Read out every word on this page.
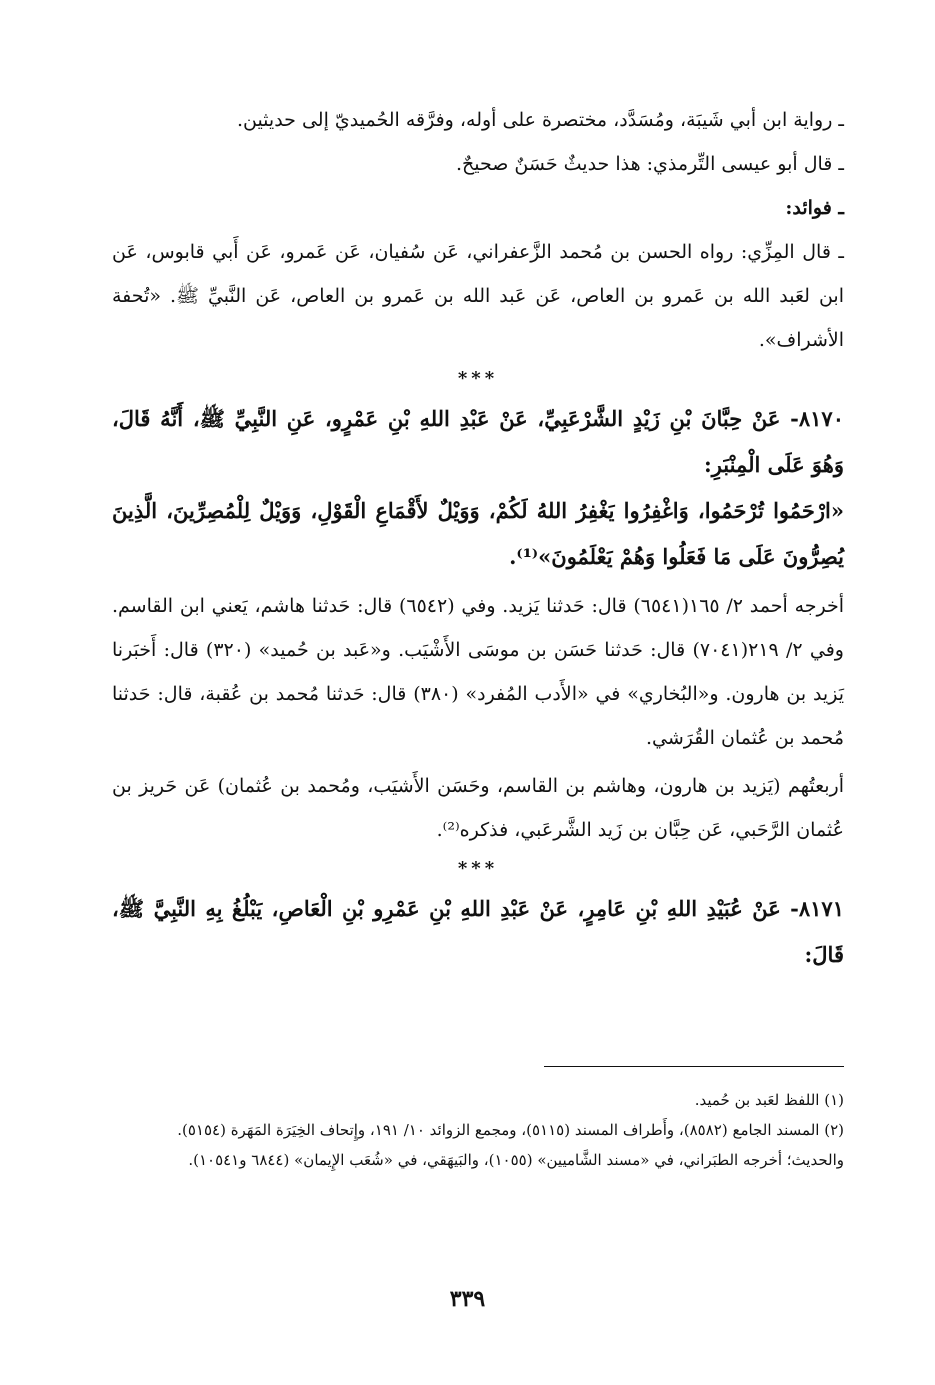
ـ رواية ابن أبي شَيبَة، ومُسَدَّد، مختصرة على أوله، وفرَّقه الحُميديّ إلى حديثين.

ـ قال أبو عيسى التِّرمذي: هذا حديثٌ حَسَنٌ صحيحٌ.

ـ فوائد:

ـ قال المِزِّي: رواه الحسن بن مُحمد الزَّعفراني، عَن سُفيان، عَن عَمرو، عَن أَبي قابوس، عَن ابن لعَبد الله بن عَمرو بن العاص، عَن عَبد الله بن عَمرو بن العاص، عَن النَّبيِّ ﷺ. «تُحفة الأشراف».

***

٨١٧٠- عَنْ حِبَّانَ بْنِ زَيْدٍ الشَّرْعَبِيِّ، عَنْ عَبْدِ اللهِ بْنِ عَمْرٍو، عَنِ النَّبِيِّ ﷺ، أَنَّهُ قَالَ، وَهُوَ عَلَى الْمِنْبَرِ:

«ارْحَمُوا تُرْحَمُوا، وَاغْفِرُوا يَغْفِرُ اللهُ لَكُمْ، وَوَيْلٌ لأَقْمَاعِ الْقَوْلِ، وَوَيْلٌ لِلْمُصِرِّينَ، الَّذِينَ يُصِرُّونَ عَلَى مَا فَعَلُوا وَهُمْ يَعْلَمُونَ»⁽¹⁾.

أخرجه أحمد ٢/ ١٦٥(٦٥٤١) قال: حَدثنا يَزيد. وفي (٦٥٤٢) قال: حَدثنا هاشم، يَعني ابن القاسم. وفي ٢/ ٢١٩(٧٠٤١) قال: حَدثنا حَسَن بن موسَى الأَشْيَب. و«عَبد بن حُميد» (٣٢٠) قال: أَخبَرنا يَزيد بن هارون. و«البُخاري» في «الأَدب المُفرد» (٣٨٠) قال: حَدثنا مُحمد بن عُقبة، قال: حَدثنا مُحمد بن عُثمان القُرَشي.

أربعتُهم (يَزيد بن هارون، وهاشم بن القاسم، وحَسَن الأَشيَب، ومُحمد بن عُثمان) عَن حَريز بن عُثمان الرَّحَبي، عَن حِبَّان بن زَيد الشَّرعَبي، فذكره⁽²⁾.

***

٨١٧١- عَنْ عُبَيْدِ اللهِ بْنِ عَامِرٍ، عَنْ عَبْدِ اللهِ بْنِ عَمْرِو بْنِ الْعَاصِ، يَبْلُغُ بِهِ النَّبِيَّ ﷺ، قَالَ:

(١) اللفظ لعَبد بن حُميد.

(٢) المسند الجامع (٨٥٨٢)، وأَطراف المسند (٥١١٥)، ومجمع الزوائد ١٠/ ١٩١، وإِتحاف الخِيَرَة المَهَرة (٥١٥٤).

والحديث؛ أخرجه الطبَراني، في «مسند الشَّاميين» (١٠٥٥)، والبَيهَقي، في «شُعَب الإِيمان» (٦٨٤٤ و١٠٥٤١).

٣٣٩
